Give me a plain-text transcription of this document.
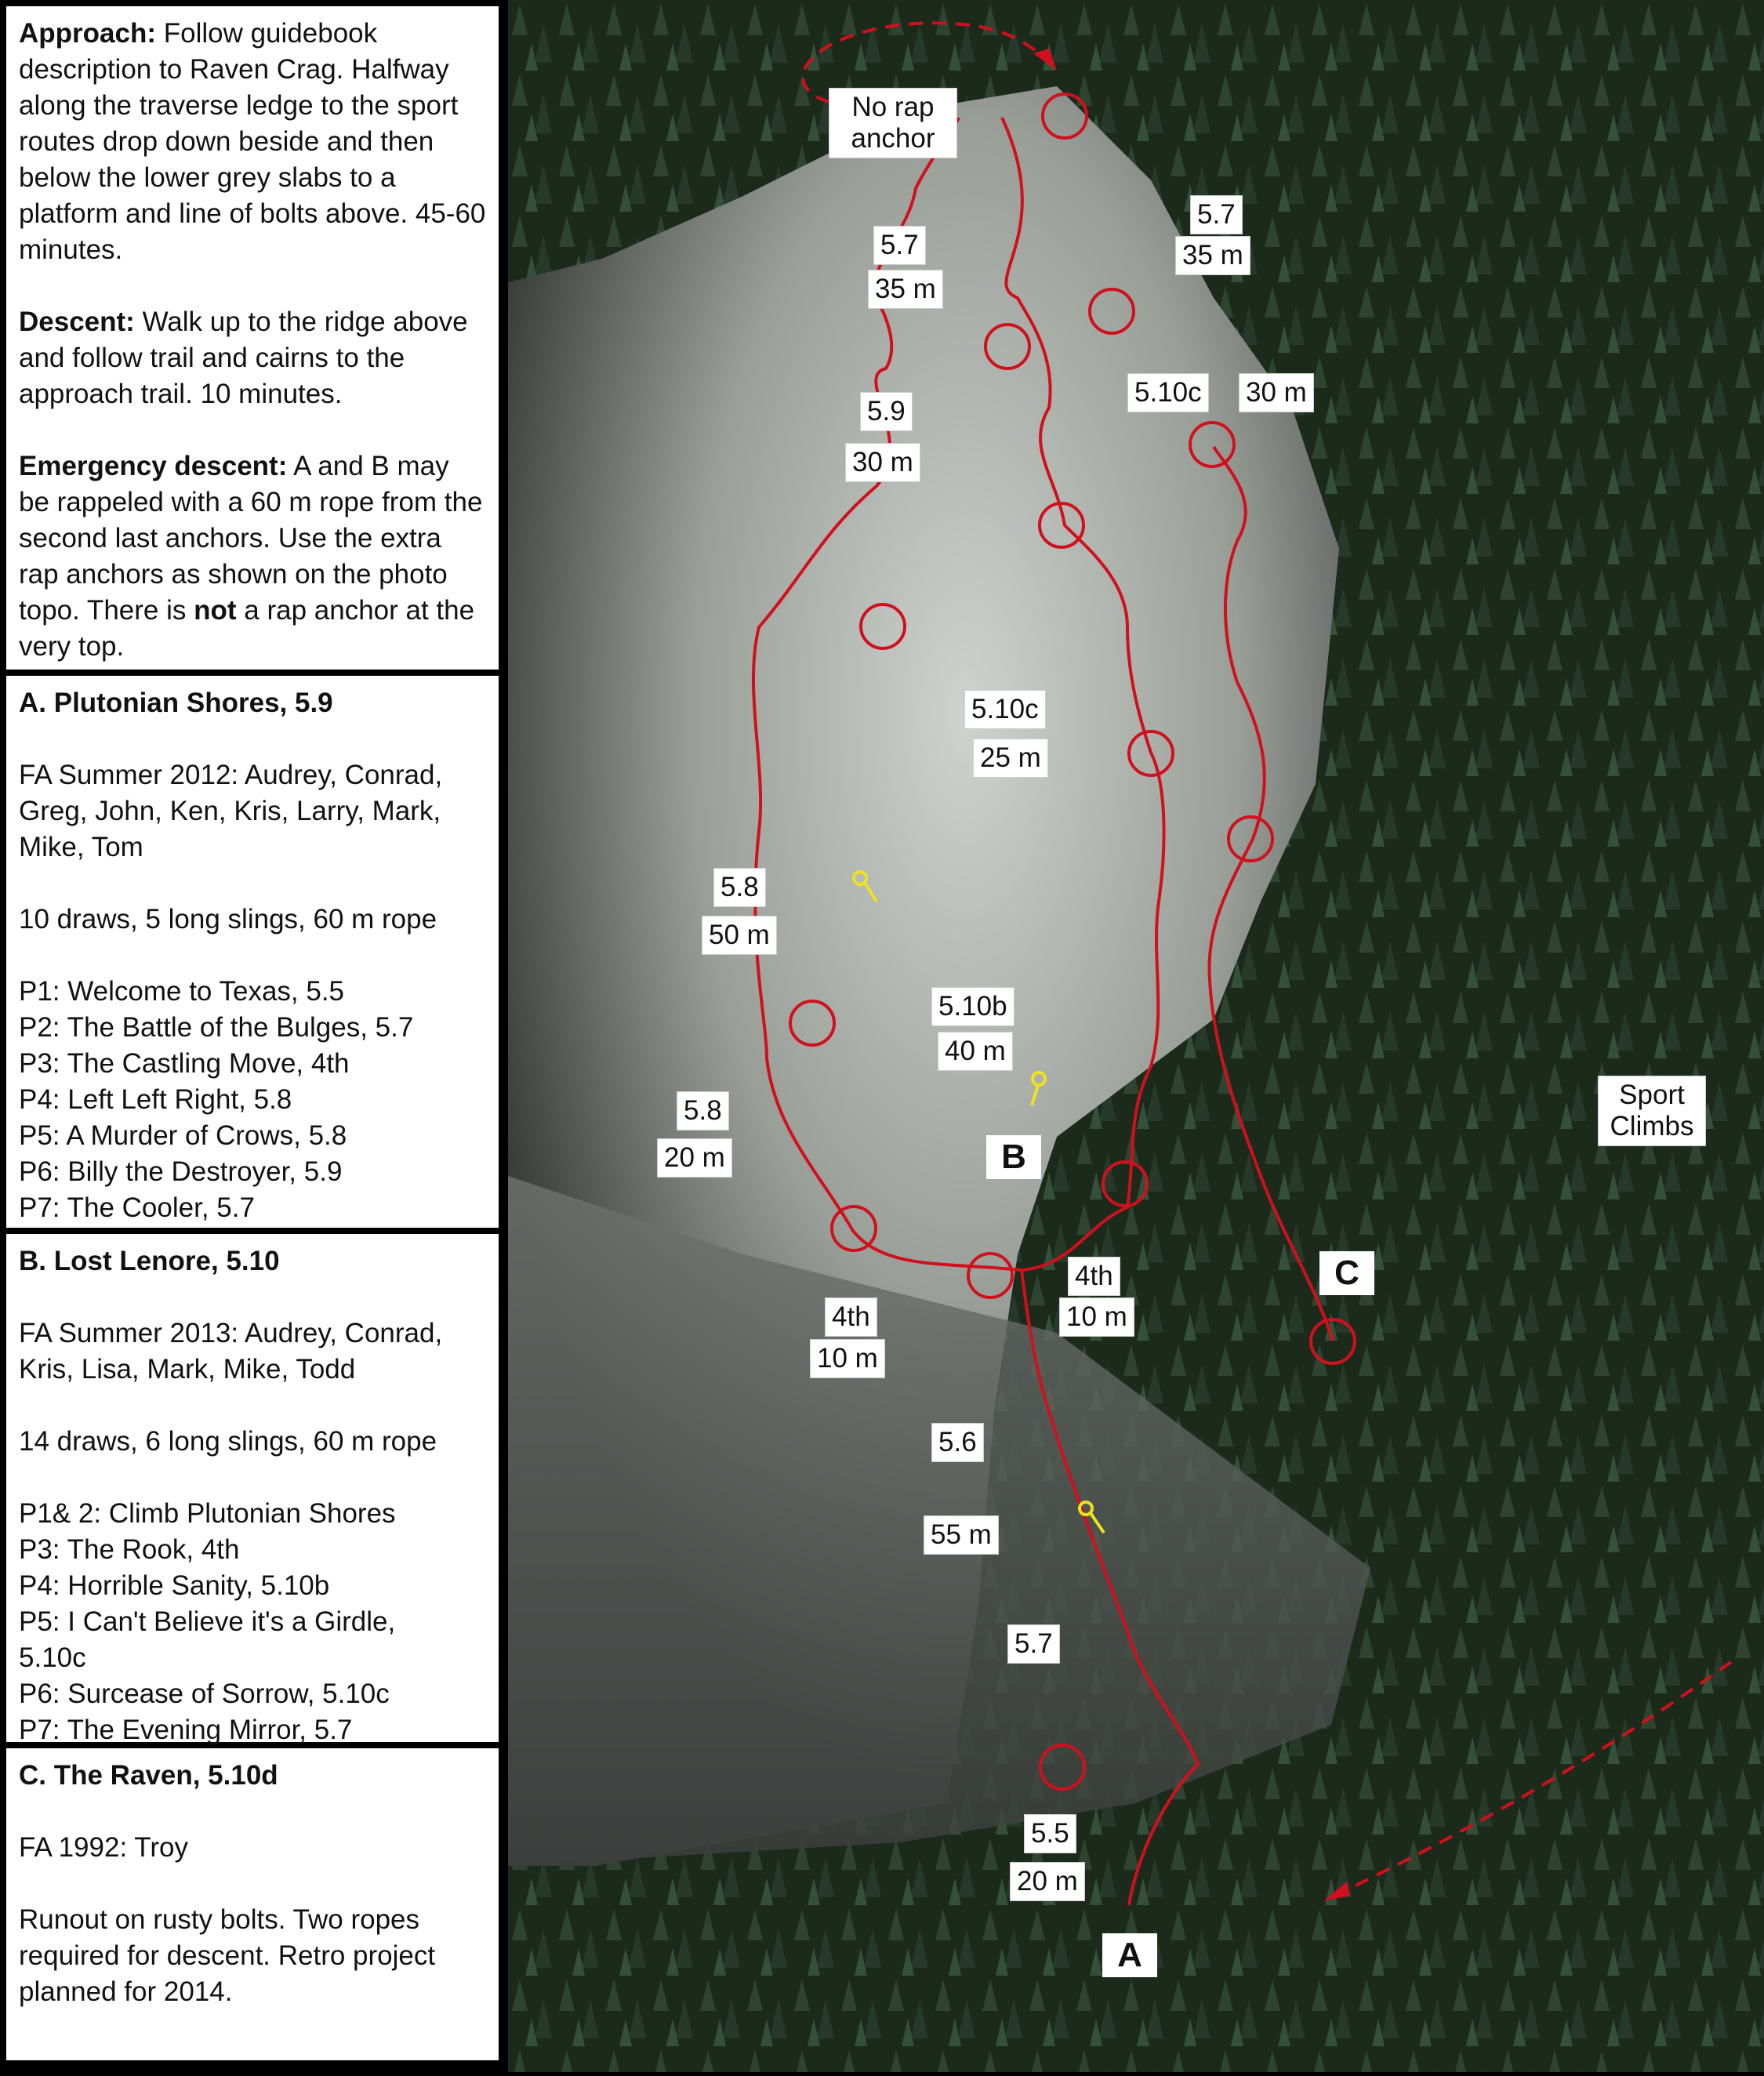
Approach: Follow guidebook description to Raven Crag. Halfway along the traverse ledge to the sport routes drop down beside and then below the lower grey slabs to a platform and line of bolts above. 45-60 minutes.

Descent: Walk up to the ridge above and follow trail and cairns to the approach trail. 10 minutes.

Emergency descent: A and B may be rappeled with a 60 m rope from the second last anchors. Use the extra rap anchors as shown on the photo topo. There is not a rap anchor at the very top.

A. Plutonian Shores, 5.9

FA Summer 2012: Audrey, Conrad, Greg, John, Ken, Kris, Larry, Mark, Mike, Tom

10 draws, 5 long slings, 60 m rope

P1: Welcome to Texas, 5.5

P2: The Battle of the Bulges, 5.7

P3: The Castling Move, 4th

P4: Left Left Right, 5.8

P5: A Murder of Crows, 5.8

P6: Billy the Destroyer, 5.9

P7: The Cooler, 5.7

B. Lost Lenore, 5.10

FA Summer 2013: Audrey, Conrad, Kris, Lisa, Mark, Mike, Todd

14 draws, 6 long slings, 60 m rope

P1& 2: Climb Plutonian Shores

P3: The Rook, 4th

P4: Horrible Sanity, 5.10b

P5: I Can't Believe it's a Girdle,

5.10c

P6: Surcease of Sorrow, 5.10c

P7: The Evening Mirror, 5.7

C. The Raven, 5.10d

FA 1992: Troy

Runout on rusty bolts. Two ropes required for descent. Retro project planned for 2014.

No rap
anchor
Sport
Climbs
5.7
35 m
5.7
35 m
5.10c 30 m
5.9
30 m
5.10c
25 m
5.8
50 m
5.10b
40 m
5.8
20 m
4th
10 m
4th
10 m
5.6
55 m
5.7
5.5
20 m
A
B
C
